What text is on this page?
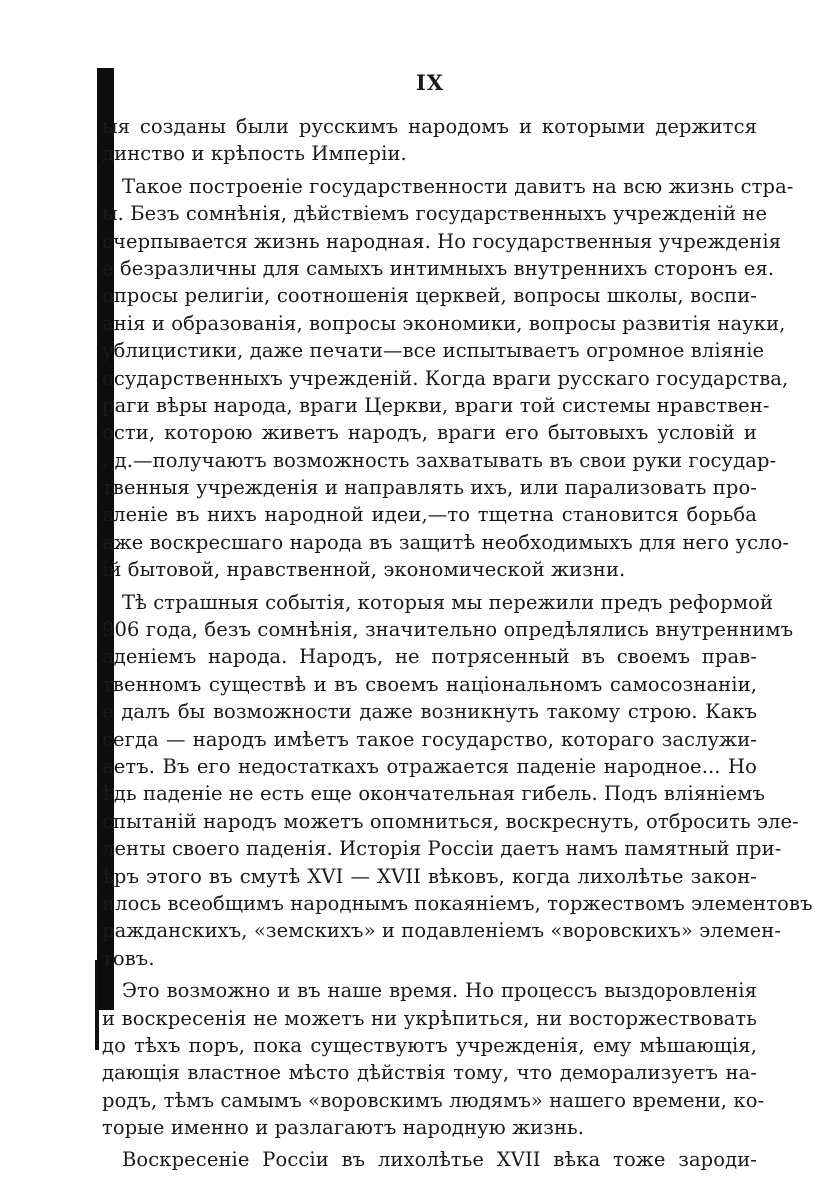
IX
ыя созданы были русскимъ народомъ и которыми держится
динство и крѣпость Имперіи.
Такое построеніе государственности давитъ на всю жизнь стра-
ы. Безъ сомнѣнія, дѣйствіемъ государственныхъ учрежденій не
счерпывается жизнь народная. Но государственныя учрежденія
е безразличны для самыхъ интимныхъ внутреннихъ сторонъ ея.
опросы религіи, соотношенія церквей, вопросы школы, воспи-
анія и образованія, вопросы экономики, вопросы развитія науки,
ублицистики, даже печати—все испытываетъ огромное вліяніе
осударственныхъ учрежденій. Когда враги русскаго государства,
раги вѣры народа, враги Церкви, враги той системы нравствен-
ости, которою живетъ народъ, враги его бытовыхъ условій и
. д.—получаютъ возможность захватывать въ свои руки государ-
твенныя учрежденія и направлять ихъ, или парализовать про-
вленіе въ нихъ народной идеи,—то тщетна становится борьба
аже воскресшаго народа въ защитѣ необходимыхъ для него усло-
ій бытовой, нравственной, экономической жизни.
Тѣ страшныя событія, которыя мы пережили предъ реформой
906 года, безъ сомнѣнія, значительно опредѣлялись внутреннимъ
аденіемъ народа. Народъ, не потрясенный въ своемъ прав-
твенномъ существѣ и въ своемъ національномъ самосознаніи,
е далъ бы возможности даже возникнуть такому строю. Какъ
сегда — народъ имѣетъ такое государство, котораго заслужи-
аетъ. Въ его недостаткахъ отражается паденіе народное... Но
ѣдь паденіе не есть еще окончательная гибель. Подъ вліяніемъ
спытаній народъ можетъ опомниться, воскреснуть, отбросить эле-
ленты своего паденія. Исторія Россіи даетъ намъ памятный при-
ѣръ этого въ смутѣ XVI — XVII вѣковъ, когда лихолѣтье закон-
илось всеобщимъ народнымъ покаяніемъ, торжествомъ элементовъ
ражданскихъ, «земскихъ» и подавленіемъ «воровскихъ» элемен-
товъ.
Это возможно и въ наше время. Но процессъ выздоровленія
и воскресенія не можетъ ни укрѣпиться, ни восторжествовать
до тѣхъ поръ, пока существуютъ учрежденія, ему мѣшающія,
дающія властное мѣсто дѣйствія тому, что деморализуетъ на-
родъ, тѣмъ самымъ «воровскимъ людямъ» нашего времени, ко-
торые именно и разлагаютъ народную жизнь.
Воскресеніе Россіи въ лихолѣтье XVII вѣка тоже зароди-
